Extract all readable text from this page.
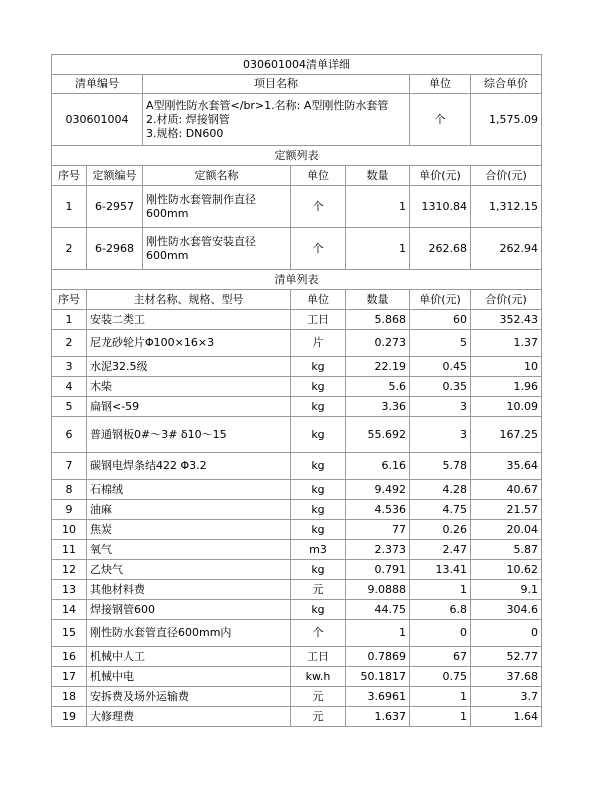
030601004清单详细						
清单编号		项目名称			单位	综合单价
030601004		A型刚性防水套管</br>1.名称: A型刚性防水套管
2.材质: 焊接钢管
3.规格: DN600			个	1,575.09
定额列表						
序号	定额编号	定额名称	单位	数量	单价(元)	合价(元)
1	6-2957	刚性防水套管制作直径
600mm	个	1	1310.84	1,312.15
2	6-2968	刚性防水套管安装直径
600mm	个	1	262.68	262.94
清单列表						
序号	主材名称、规格、型号		单位	数量	单价(元)	合价(元)
1	安装二类工		工日	5.868	60	352.43
2	尼龙砂轮片Φ100×16×3		片	0.273	5	1.37
3	水泥32.5级		kg	22.19	0.45	10
4	木柴		kg	5.6	0.35	1.96
5	扁钢<-59		kg	3.36	3	10.09
6	普通钢板0#～3# δ10～15		kg	55.692	3	167.25
7	碳钢电焊条结422 Φ3.2		kg	6.16	5.78	35.64
8	石棉绒		kg	9.492	4.28	40.67
9	油麻		kg	4.536	4.75	21.57
10	焦炭		kg	77	0.26	20.04
11	氧气		m3	2.373	2.47	5.87
12	乙炔气		kg	0.791	13.41	10.62
13	其他材料费		元	9.0888	1	9.1
14	焊接钢管600		kg	44.75	6.8	304.6
15	刚性防水套管直径600mm内		个	1	0	0
16	机械中人工		工日	0.7869	67	52.77
17	机械中电		kw.h	50.1817	0.75	37.68
18	安拆费及场外运输费		元	3.6961	1	3.7
19	大修理费		元	1.637	1	1.64
